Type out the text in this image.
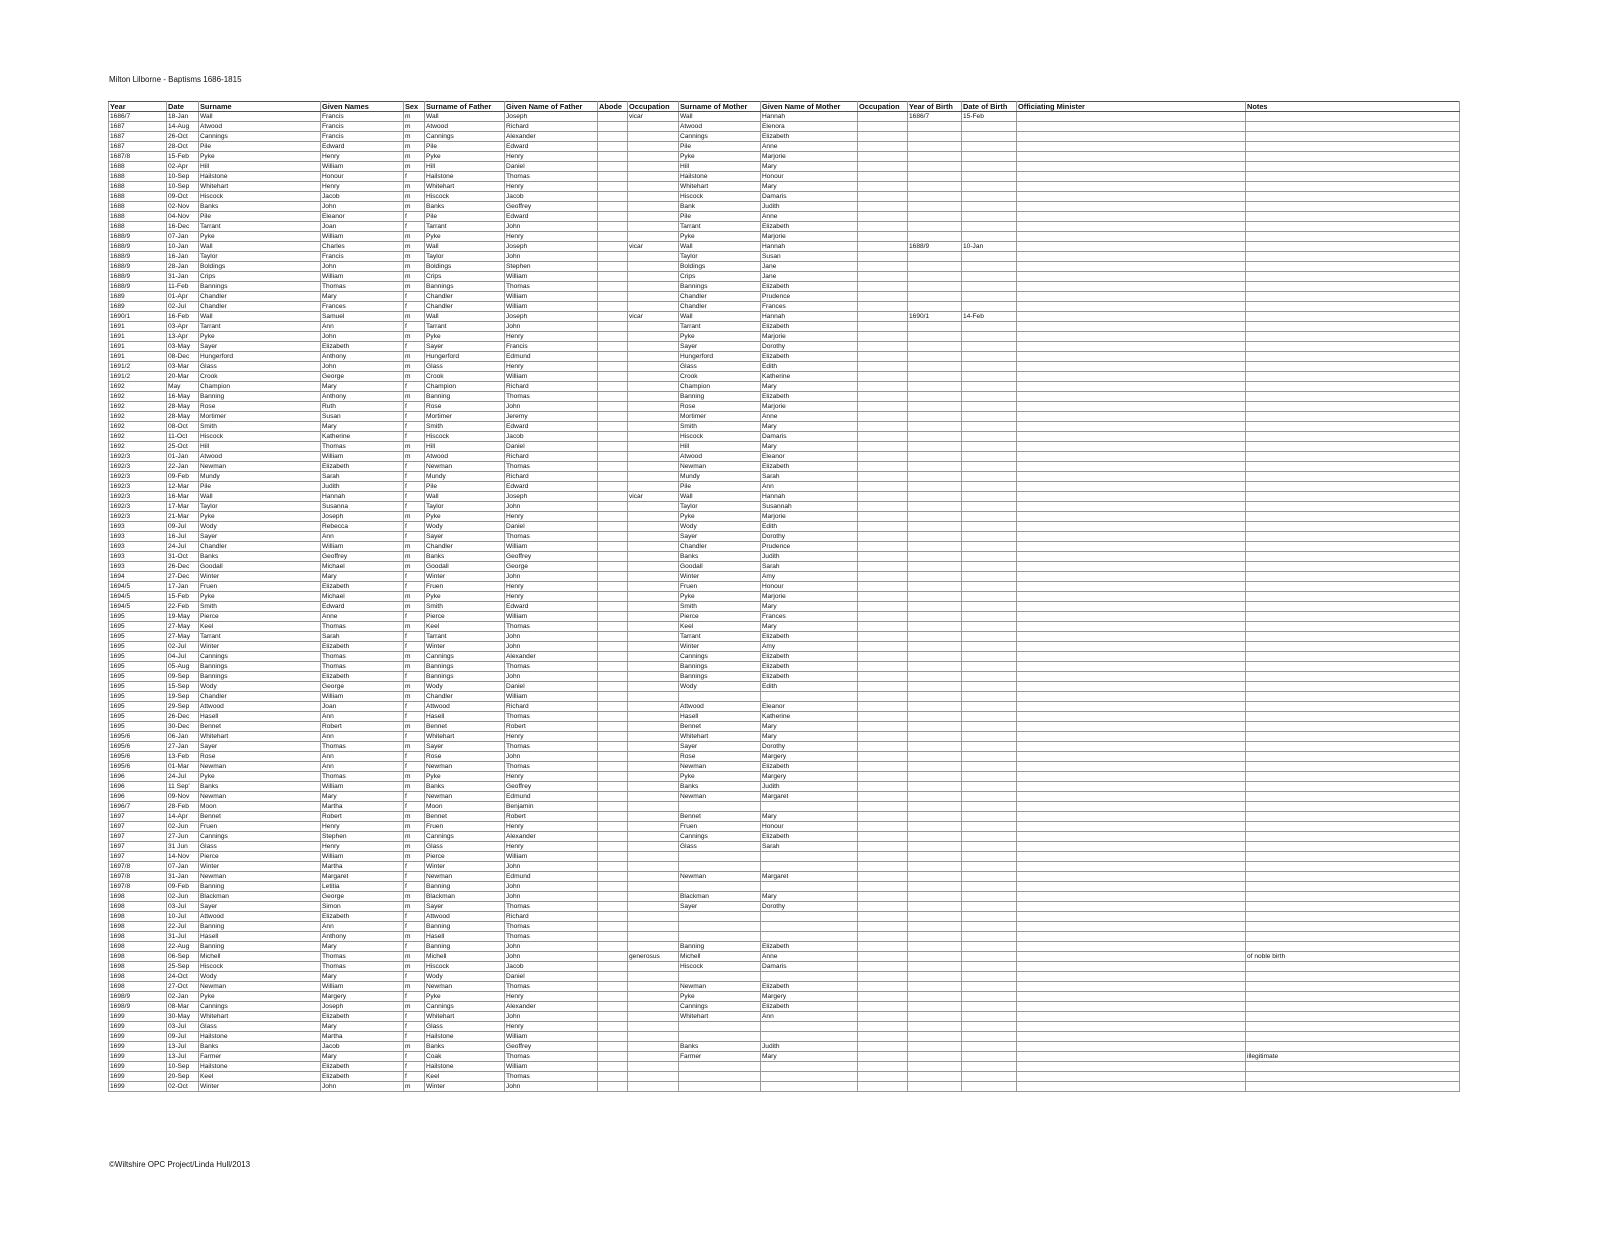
Milton Lilborne - Baptisms 1686-1815
Year	Date	Surname	Given Names	Sex	Surname of Father	Given Name of Father	Abode	Occupation	Surname of Mother	Given Name of Mother	Occupation	Year of Birth	Date of Birth	Officiating Minister	Notes
1686/7	18-Jan	Wall	Francis	m	Wall	Joseph		vicar	Wall	Hannah		1686/7	15-Feb		
1687	14-Aug	Atwood	Francis	m	Atwood	Richard			Atwood	Elenora					
1687	26-Oct	Cannings	Francis	m	Cannings	Alexander			Cannings	Elizabeth					
1687	28-Oct	Pile	Edward	m	Pile	Edward			Pile	Anne					
1687/8	15-Feb	Pyke	Henry	m	Pyke	Henry			Pyke	Marjorie					
1688	02-Apr	Hill	William	m	Hill	Daniel			Hill	Mary					
1688	10-Sep	Hailstone	Honour	f	Hailstone	Thomas			Hailstone	Honour					
1688	10-Sep	Whitehart	Henry	m	Whitehart	Henry			Whitehart	Mary					
1688	09-Oct	Hiscock	Jacob	m	Hiscock	Jacob			Hiscock	Damaris					
1688	02-Nov	Banks	John	m	Banks	Geoffrey			Bank	Judith					
1688	04-Nov	Pile	Eleanor	f	Pile	Edward			Pile	Anne					
1688	16-Dec	Tarrant	Joan	f	Tarrant	John			Tarrant	Elizabeth					
1688/9	07-Jan	Pyke	William	m	Pyke	Henry			Pyke	Marjorie					
1688/9	10-Jan	Wall	Charles	m	Wall	Joseph		vicar	Wall	Hannah		1688/9	10-Jan		
1688/9	16-Jan	Taylor	Francis	m	Taylor	John			Taylor	Susan					
1688/9	28-Jan	Boldings	John	m	Boldings	Stephen			Boldings	Jane					
1688/9	31-Jan	Crips	William	m	Crips	William			Crips	Jane					
1688/9	11-Feb	Bannings	Thomas	m	Bannings	Thomas			Bannings	Elizabeth					
1689	01-Apr	Chandler	Mary	f	Chandler	William			Chandler	Prudence					
1689	02-Jul	Chandler	Frances	f	Chandler	William			Chandler	Frances					
1690/1	16-Feb	Wall	Samuel	m	Wall	Joseph		vicar	Wall	Hannah		1690/1	14-Feb		
1691	03-Apr	Tarrant	Ann	f	Tarrant	John			Tarrant	Elizabeth					
1691	13-Apr	Pyke	John	m	Pyke	Henry			Pyke	Marjorie					
1691	03-May	Sayer	Elizabeth	f	Sayer	Francis			Sayer	Dorothy					
1691	08-Dec	Hungerford	Anthony	m	Hungerford	Edmund			Hungerford	Elizabeth					
1691/2	03-Mar	Glass	John	m	Glass	Henry			Glass	Edith					
1691/2	20-Mar	Crook	George	m	Crook	William			Crook	Katherine					
1692	May	Champion	Mary	f	Champion	Richard			Champion	Mary					
1692	16-May	Banning	Anthony	m	Banning	Thomas			Banning	Elizabeth					
1692	28-May	Rose	Ruth	f	Rose	John			Rose	Marjorie					
1692	28-May	Mortimer	Susan	f	Mortimer	Jeremy			Mortimer	Anne					
1692	08-Oct	Smith	Mary	f	Smith	Edward			Smith	Mary					
1692	11-Oct	Hiscock	Katherine	f	Hiscock	Jacob			Hiscock	Damaris					
1692	25-Oct	Hill	Thomas	m	Hill	Daniel			Hill	Mary					
1692/3	01-Jan	Atwood	William	m	Atwood	Richard			Atwood	Eleanor					
1692/3	22-Jan	Newman	Elizabeth	f	Newman	Thomas			Newman	Elizabeth					
1692/3	09-Feb	Mundy	Sarah	f	Mundy	Richard			Mundy	Sarah					
1692/3	12-Mar	Pile	Judith	f	Pile	Edward			Pile	Ann					
1692/3	16-Mar	Wall	Hannah	f	Wall	Joseph		vicar	Wall	Hannah					
1692/3	17-Mar	Taylor	Susanna	f	Taylor	John			Taylor	Susannah					
1692/3	21-Mar	Pyke	Joseph	m	Pyke	Henry			Pyke	Marjorie					
1693	09-Jul	Wody	Rebecca	f	Wody	Daniel			Wody	Edith					
1693	16-Jul	Sayer	Ann	f	Sayer	Thomas			Sayer	Dorothy					
1693	24-Jul	Chandler	William	m	Chandler	William			Chandler	Prudence					
1693	31-Oct	Banks	Geoffrey	m	Banks	Geoffrey			Banks	Judith					
1693	26-Dec	Goodall	Michael	m	Goodall	George			Goodall	Sarah					
1694	27-Dec	Winter	Mary	f	Winter	John			Winter	Amy					
1694/5	17-Jan	Fruen	Elizabeth	f	Fruen	Henry			Fruen	Honour					
1694/5	15-Feb	Pyke	Michael	m	Pyke	Henry			Pyke	Marjorie					
1694/5	22-Feb	Smith	Edward	m	Smith	Edward			Smith	Mary					
1695	19-May	Pierce	Anne	f	Pierce	William			Pierce	Frances					
1695	27-May	Keel	Thomas	m	Keel	Thomas			Keel	Mary					
1695	27-May	Tarrant	Sarah	f	Tarrant	John			Tarrant	Elizabeth					
1695	02-Jul	Winter	Elizabeth	f	Winter	John			Winter	Amy					
1695	04-Jul	Cannings	Thomas	m	Cannings	Alexander			Cannings	Elizabeth					
1695	05-Aug	Bannings	Thomas	m	Bannings	Thomas			Bannings	Elizabeth					
1695	09-Sep	Bannings	Elizabeth	f	Bannings	John			Bannings	Elizabeth					
1695	15-Sep	Wody	George	m	Wody	Daniel			Wody	Edith					
1695	19-Sep	Chandler	William	m	Chandler	William									
1695	29-Sep	Attwood	Joan	f	Attwood	Richard			Attwood	Eleanor					
1695	26-Dec	Hasell	Ann	f	Hasell	Thomas			Hasell	Katherine					
1695	30-Dec	Bennet	Robert	m	Bennet	Robert			Bennet	Mary					
1695/6	06-Jan	Whitehart	Ann	f	Whitehart	Henry			Whitehart	Mary					
1695/6	27-Jan	Sayer	Thomas	m	Sayer	Thomas			Sayer	Dorothy					
1695/6	13-Feb	Rose	Ann	f	Rose	John			Rose	Margery					
1695/6	01-Mar	Newman	Ann	f	Newman	Thomas			Newman	Elizabeth					
1696	24-Jul	Pyke	Thomas	m	Pyke	Henry			Pyke	Margery					
1696	11 Sep'	Banks	William	m	Banks	Geoffrey			Banks	Judith					
1696	09-Nov	Newman	Mary	f	Newman	Edmund			Newman	Margaret					
1696/7	28-Feb	Moon	Martha	f	Moon	Benjamin									
1697	14-Apr	Bennet	Robert	m	Bennet	Robert			Bennet	Mary					
1697	02-Jun	Fruen	Henry	m	Fruen	Henry			Fruen	Honour					
1697	27-Jun	Cannings	Stephen	m	Cannings	Alexander			Cannings	Elizabeth					
1697	31 Jun	Glass	Henry	m	Glass	Henry			Glass	Sarah					
1697	14-Nov	Pierce	William	m	Pierce	William									
1697/8	07-Jan	Winter	Martha	f	Winter	John									
1697/8	31-Jan	Newman	Margaret	f	Newman	Edmund			Newman	Margaret					
1697/8	09-Feb	Banning	Letitia	f	Banning	John									
1698	02-Jun	Blackman	George	m	Blackman	John			Blackman	Mary					
1698	03-Jul	Sayer	Simon	m	Sayer	Thomas			Sayer	Dorothy					
1698	10-Jul	Attwood	Elizabeth	f	Attwood	Richard									
1698	22-Jul	Banning	Ann	f	Banning	Thomas									
1698	31-Jul	Hasell	Anthony	m	Hasell	Thomas									
1698	22-Aug	Banning	Mary	f	Banning	John			Banning	Elizabeth					
1698	06-Sep	Michell	Thomas	m	Michell	John		generosus	Michell	Anne					of noble birth
1698	25-Sep	Hiscock	Thomas	m	Hiscock	Jacob			Hiscock	Damaris					
1698	24-Oct	Wody	Mary	f	Wody	Daniel									
1698	27-Oct	Newman	William	m	Newman	Thomas			Newman	Elizabeth					
1698/9	02-Jan	Pyke	Margery	f	Pyke	Henry			Pyke	Margery					
1698/9	08-Mar	Cannings	Joseph	m	Cannings	Alexander			Cannings	Elizabeth					
1699	30-May	Whitehart	Elizabeth	f	Whitehart	John			Whitehart	Ann					
1699	03-Jul	Glass	Mary	f	Glass	Henry									
1699	09-Jul	Hailstone	Martha	f	Hailstone	William									
1699	13-Jul	Banks	Jacob	m	Banks	Geoffrey			Banks	Judith					
1699	13-Jul	Farmer	Mary	f	Coak	Thomas			Farmer	Mary					illegitimate
1699	10-Sep	Hailstone	Elizabeth	f	Hailstone	William									
1699	20-Sep	Keel	Elizabeth	f	Keel	Thomas									
1699	02-Oct	Winter	John	m	Winter	John									
©Wiltshire OPC Project/Linda Hull/2013
